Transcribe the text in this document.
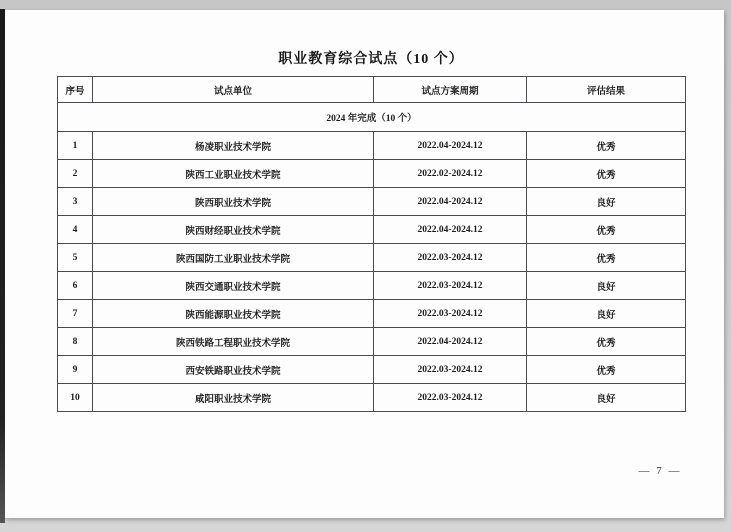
职业教育综合试点（10 个）
序号	试点单位	试点方案周期	评估结果
2024 年完成（10 个）			
1	杨凌职业技术学院	2022.04-2024.12	优秀
2	陕西工业职业技术学院	2022.02-2024.12	优秀
3	陕西职业技术学院	2022.04-2024.12	良好
4	陕西财经职业技术学院	2022.04-2024.12	优秀
5	陕西国防工业职业技术学院	2022.03-2024.12	优秀
6	陕西交通职业技术学院	2022.03-2024.12	良好
7	陕西能源职业技术学院	2022.03-2024.12	良好
8	陕西铁路工程职业技术学院	2022.04-2024.12	优秀
9	西安铁路职业技术学院	2022.03-2024.12	优秀
10	咸阳职业技术学院	2022.03-2024.12	良好
— 7 —
